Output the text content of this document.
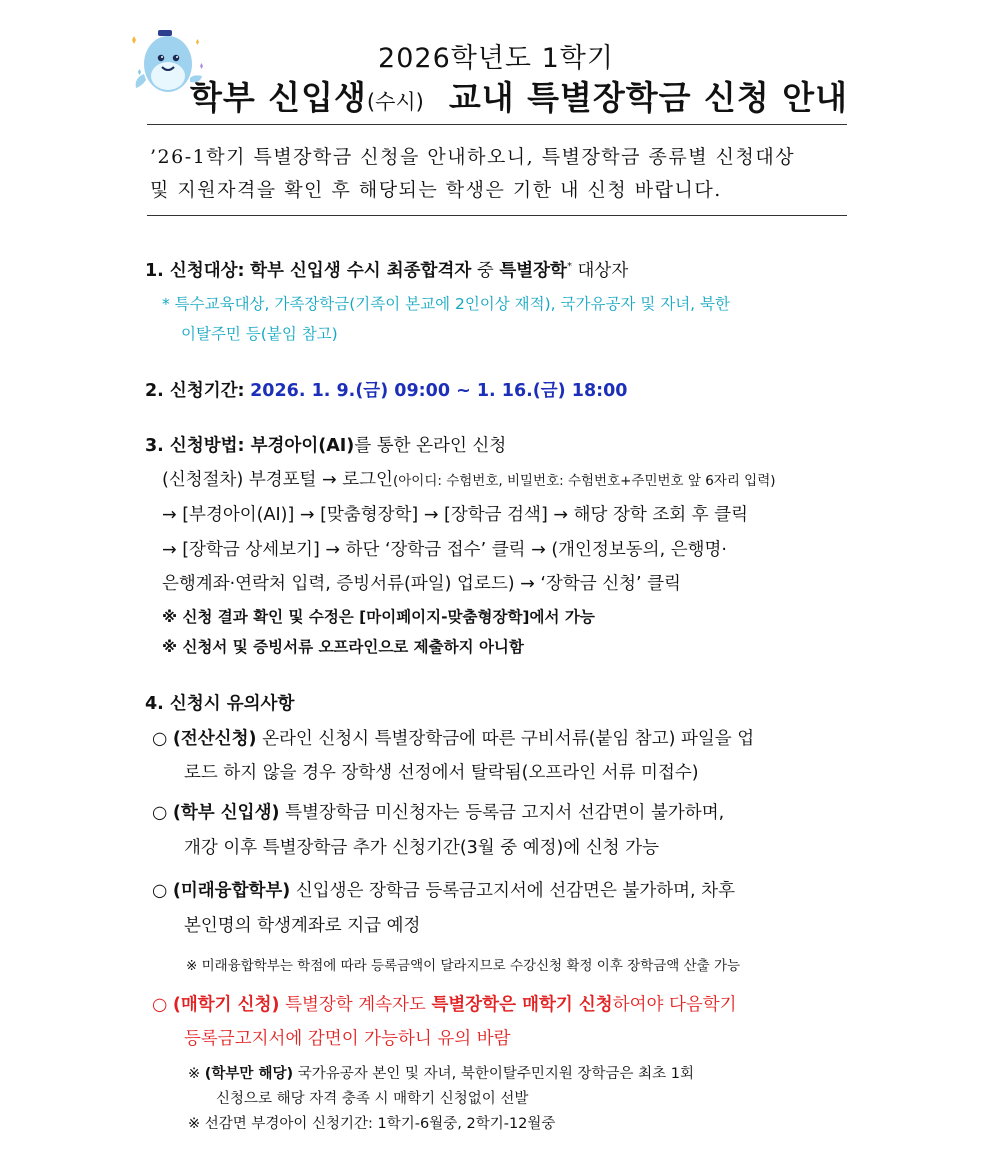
2026학년도 1학기
학부 신입생(수시) 교내 특별장학금 신청 안내
’26-1학기 특별장학금 신청을 안내하오니, 특별장학금 종류별 신청대상
및 지원자격을 확인 후 해당되는 학생은 기한 내 신청 바랍니다.
1. 신청대상: 학부 신입생 수시 최종합격자 중 특별장학* 대상자
* 특수교육대상, 가족장학금(기족이 본교에 2인이상 재적), 국가유공자 및 자녀, 북한
이탈주민 등(붙임 참고)
2. 신청기간: 2026. 1. 9.(금) 09:00 ~ 1. 16.(금) 18:00
3. 신청방법: 부경아이(AI)를 통한 온라인 신청
(신청절차) 부경포털 → 로그인(아이디: 수험번호, 비밀번호: 수험번호+주민번호 앞 6자리 입력)
→ [부경아이(AI)] → [맞춤형장학] → [장학금 검색] → 해당 장학 조회 후 클릭
→ [장학금 상세보기] → 하단 ‘장학금 접수’ 클릭 → (개인정보동의, 은행명·
은행계좌·연락처 입력, 증빙서류(파일) 업로드) → ‘장학금 신청’ 클릭
※ 신청 결과 확인 및 수정은 [마이페이지-맞춤형장학]에서 가능
※ 신청서 및 증빙서류 오프라인으로 제출하지 아니함
4. 신청시 유의사항
○ (전산신청) 온라인 신청시 특별장학금에 따른 구비서류(붙임 참고) 파일을 업
로드 하지 않을 경우 장학생 선정에서 탈락됨(오프라인 서류 미접수)
○ (학부 신입생) 특별장학금 미신청자는 등록금 고지서 선감면이 불가하며,
개강 이후 특별장학금 추가 신청기간(3월 중 예정)에 신청 가능
○ (미래융합학부) 신입생은 장학금 등록금고지서에 선감면은 불가하며, 차후
본인명의 학생계좌로 지급 예정
※ 미래융합학부는 학점에 따라 등록금액이 달라지므로 수강신청 확정 이후 장학금액 산출 가능
○ (매학기 신청) 특별장학 계속자도 특별장학은 매학기 신청하여야 다음학기
등록금고지서에 감면이 가능하니 유의 바람
※ (학부만 해당) 국가유공자 본인 및 자녀, 북한이탈주민지원 장학금은 최초 1회
신청으로 해당 자격 충족 시 매학기 신청없이 선발
※ 선감면 부경아이 신청기간: 1학기-6월중, 2학기-12월중
